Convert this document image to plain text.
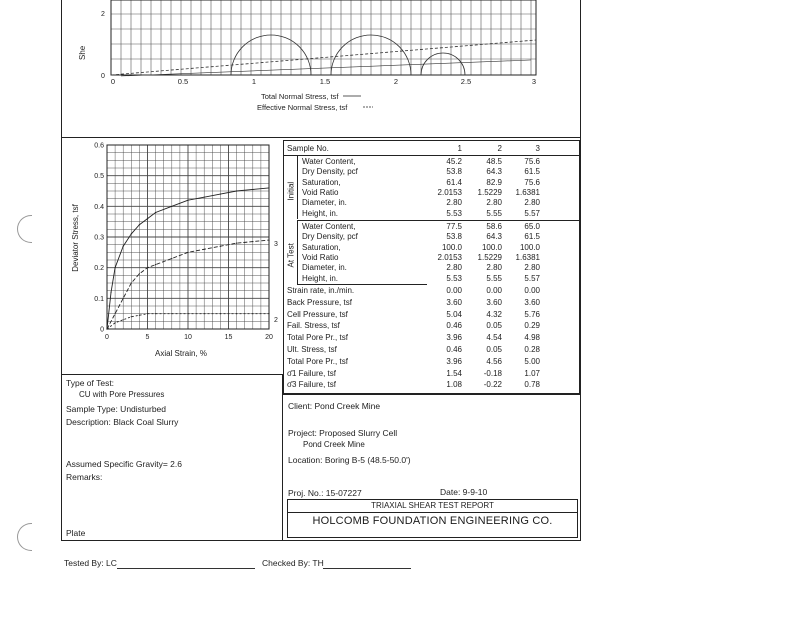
She
2
0
0	0.5	1	1.5	2	2.5	3
Total Normal Stress, tsf
Effective Normal Stress, tsf
0
0.1
0.2
0.3
0.4
0.5
0.6
0	5	10	15	20
Axial Strain, %
Deviator Stress, tsf	3
2
Sample No.	1	2	3
Initial
Water Content,	45.2	48.5	75.6
Dry Density, pcf	53.8	64.3	61.5
Saturation,	61.4	82.9	75.6
Void Ratio	2.0153	1.5229	1.6381
Diameter, in.	2.80	2.80	2.80
Height, in.	5.53	5.55	5.57
At Test
Water Content,	77.5	58.6	65.0
Dry Density, pcf	53.8	64.3	61.5
Saturation,	100.0	100.0	100.0
Void Ratio	2.0153	1.5229	1.6381
Diameter, in.	2.80	2.80	2.80
Height, in.	5.53	5.55	5.57
Strain rate, in./min.	0.00	0.00	0.00
Back Pressure, tsf	3.60	3.60	3.60
Cell Pressure, tsf	5.04	4.32	5.76
Fail. Stress, tsf	0.46	0.05	0.29
Total Pore Pr., tsf	3.96	4.54	4.98
Ult. Stress, tsf	0.46	0.05	0.28
Total Pore Pr., tsf	3.96	4.56	5.00
σ̄1 Failure, tsf	1.54	-0.18	1.07
σ̄3 Failure, tsf	1.08	-0.22	0.78
Type of Test:
CU with Pore Pressures
Sample Type: Undisturbed
Description: Black Coal Slurry
Assumed Specific Gravity= 2.6
Remarks:
Plate
Client: Pond Creek Mine
Project: Proposed Slurry Cell
Pond Creek Mine
Location: Boring B-5 (48.5-50.0')
Proj. No.: 15-07227	Date: 9-9-10
TRIAXIAL SHEAR TEST REPORT
HOLCOMB FOUNDATION ENGINEERING CO.
Tested By: LC	Checked By: TH
